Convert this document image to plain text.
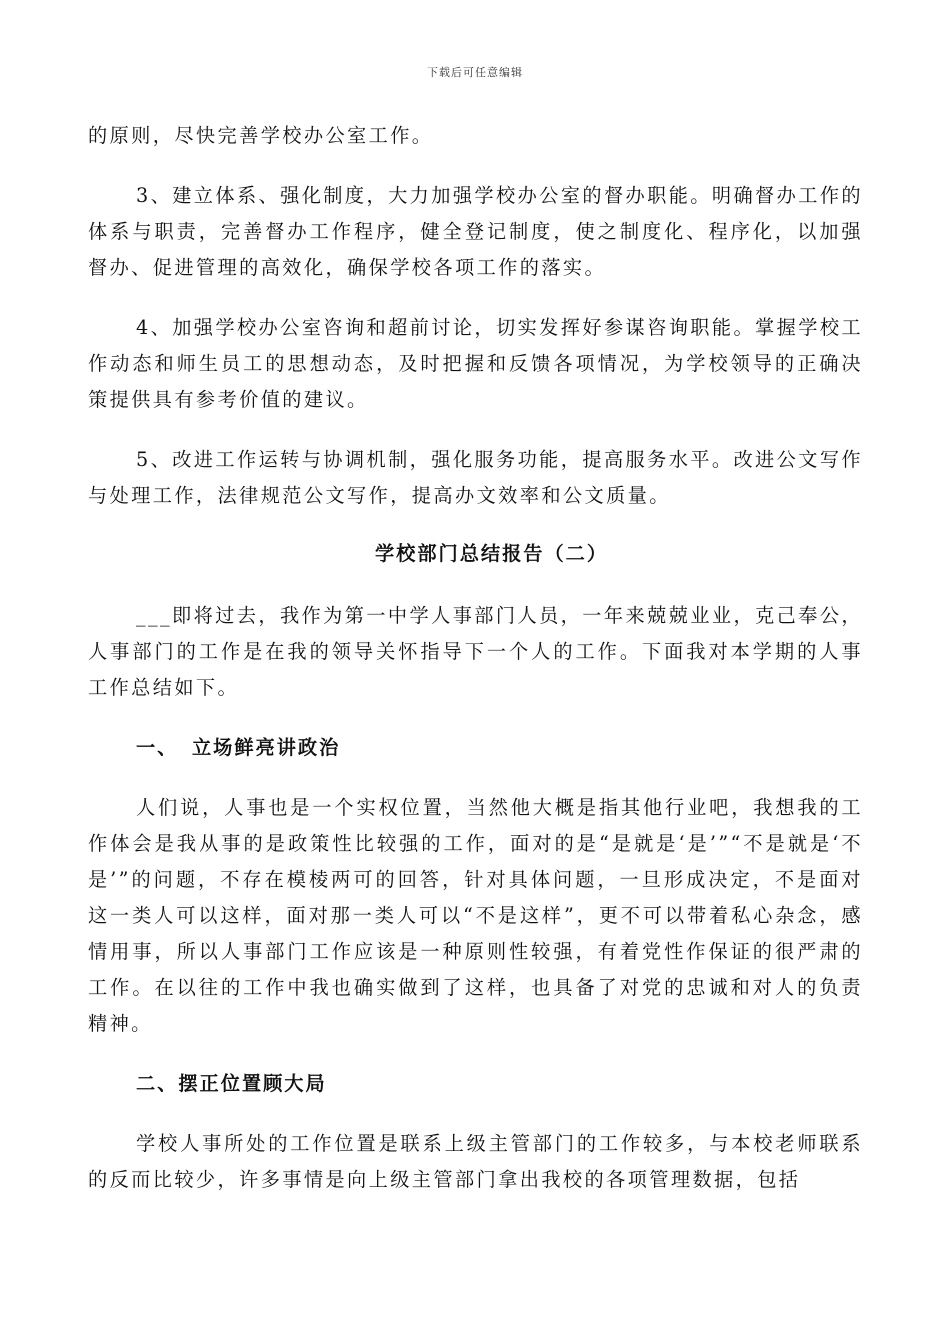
下载后可任意编辑

的原则，尽快完善学校办公室工作。

3、建立体系、强化制度，大力加强学校办公室的督办职能。明确督办工作的体系与职责，完善督办工作程序，健全登记制度，使之制度化、程序化，以加强督办、促进管理的高效化，确保学校各项工作的落实。

4、加强学校办公室咨询和超前讨论，切实发挥好参谋咨询职能。掌握学校工作动态和师生员工的思想动态，及时把握和反馈各项情况，为学校领导的正确决策提供具有参考价值的建议。

5、改进工作运转与协调机制，强化服务功能，提高服务水平。改进公文写作与处理工作，法律规范公文写作，提高办文效率和公文质量。

学校部门总结报告（二）

___即将过去，我作为第一中学人事部门人员，一年来兢兢业业，克己奉公，人事部门的工作是在我的领导关怀指导下一个人的工作。下面我对本学期的人事工作总结如下。

一、 立场鲜亮讲政治

人们说，人事也是一个实权位置，当然他大概是指其他行业吧，我想我的工作体会是我从事的是政策性比较强的工作，面对的是“是就是‘是’”“不是就是‘不是’”的问题，不存在模棱两可的回答，针对具体问题，一旦形成决定，不是面对这一类人可以这样，面对那一类人可以“不是这样”，更不可以带着私心杂念，感情用事，所以人事部门工作应该是一种原则性较强，有着党性作保证的很严肃的工作。在以往的工作中我也确实做到了这样，也具备了对党的忠诚和对人的负责精神。

二、摆正位置顾大局

学校人事所处的工作位置是联系上级主管部门的工作较多，与本校老师联系的反而比较少，许多事情是向上级主管部门拿出我校的各项管理数据，包括
